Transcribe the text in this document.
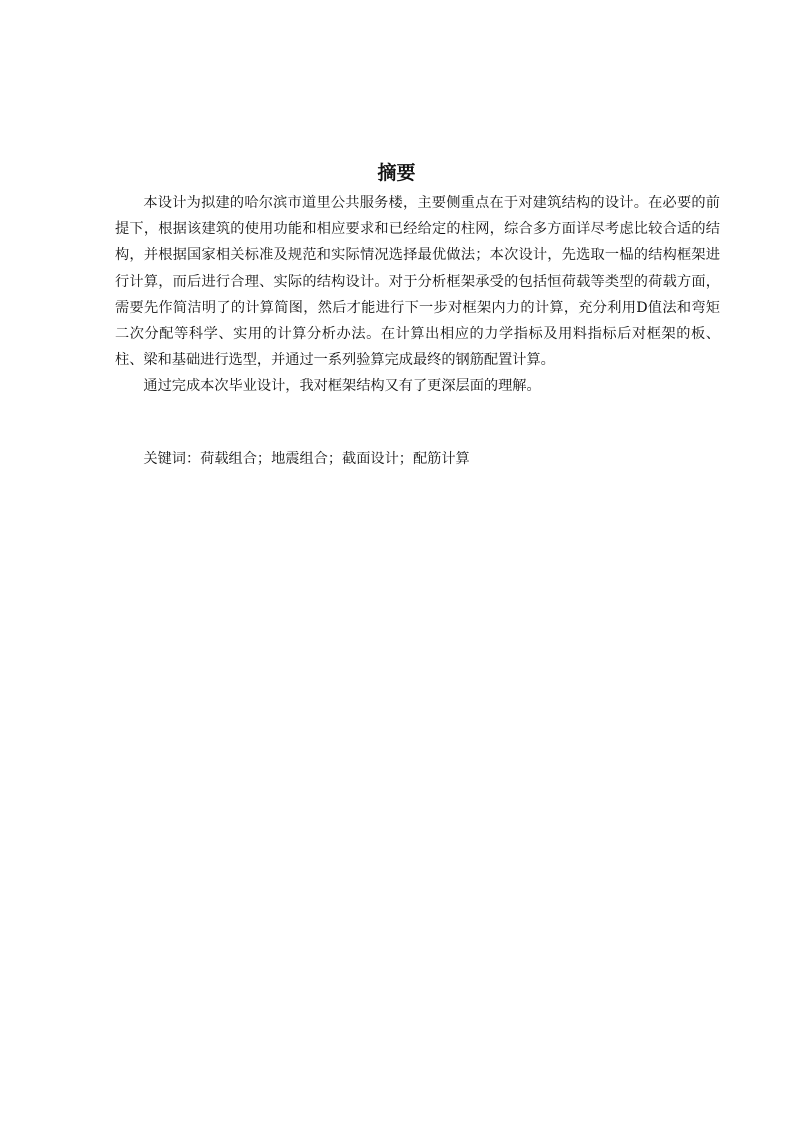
摘要

本设计为拟建的哈尔滨市道里公共服务楼，主要侧重点在于对建筑结构的设计。在必要的前提下，根据该建筑的使用功能和相应要求和已经给定的柱网，综合多方面详尽考虑比较合适的结构，并根据国家相关标准及规范和实际情况选择最优做法；本次设计，先选取一榀的结构框架进行计算，而后进行合理、实际的结构设计。对于分析框架承受的包括恒荷载等类型的荷载方面，需要先作简洁明了的计算简图，然后才能进行下一步对框架内力的计算，充分利用D值法和弯矩二次分配等科学、实用的计算分析办法。在计算出相应的力学指标及用料指标后对框架的板、柱、梁和基础进行选型，并通过一系列验算完成最终的钢筋配置计算。

通过完成本次毕业设计，我对框架结构又有了更深层面的理解。

关键词：荷载组合；地震组合；截面设计；配筋计算
